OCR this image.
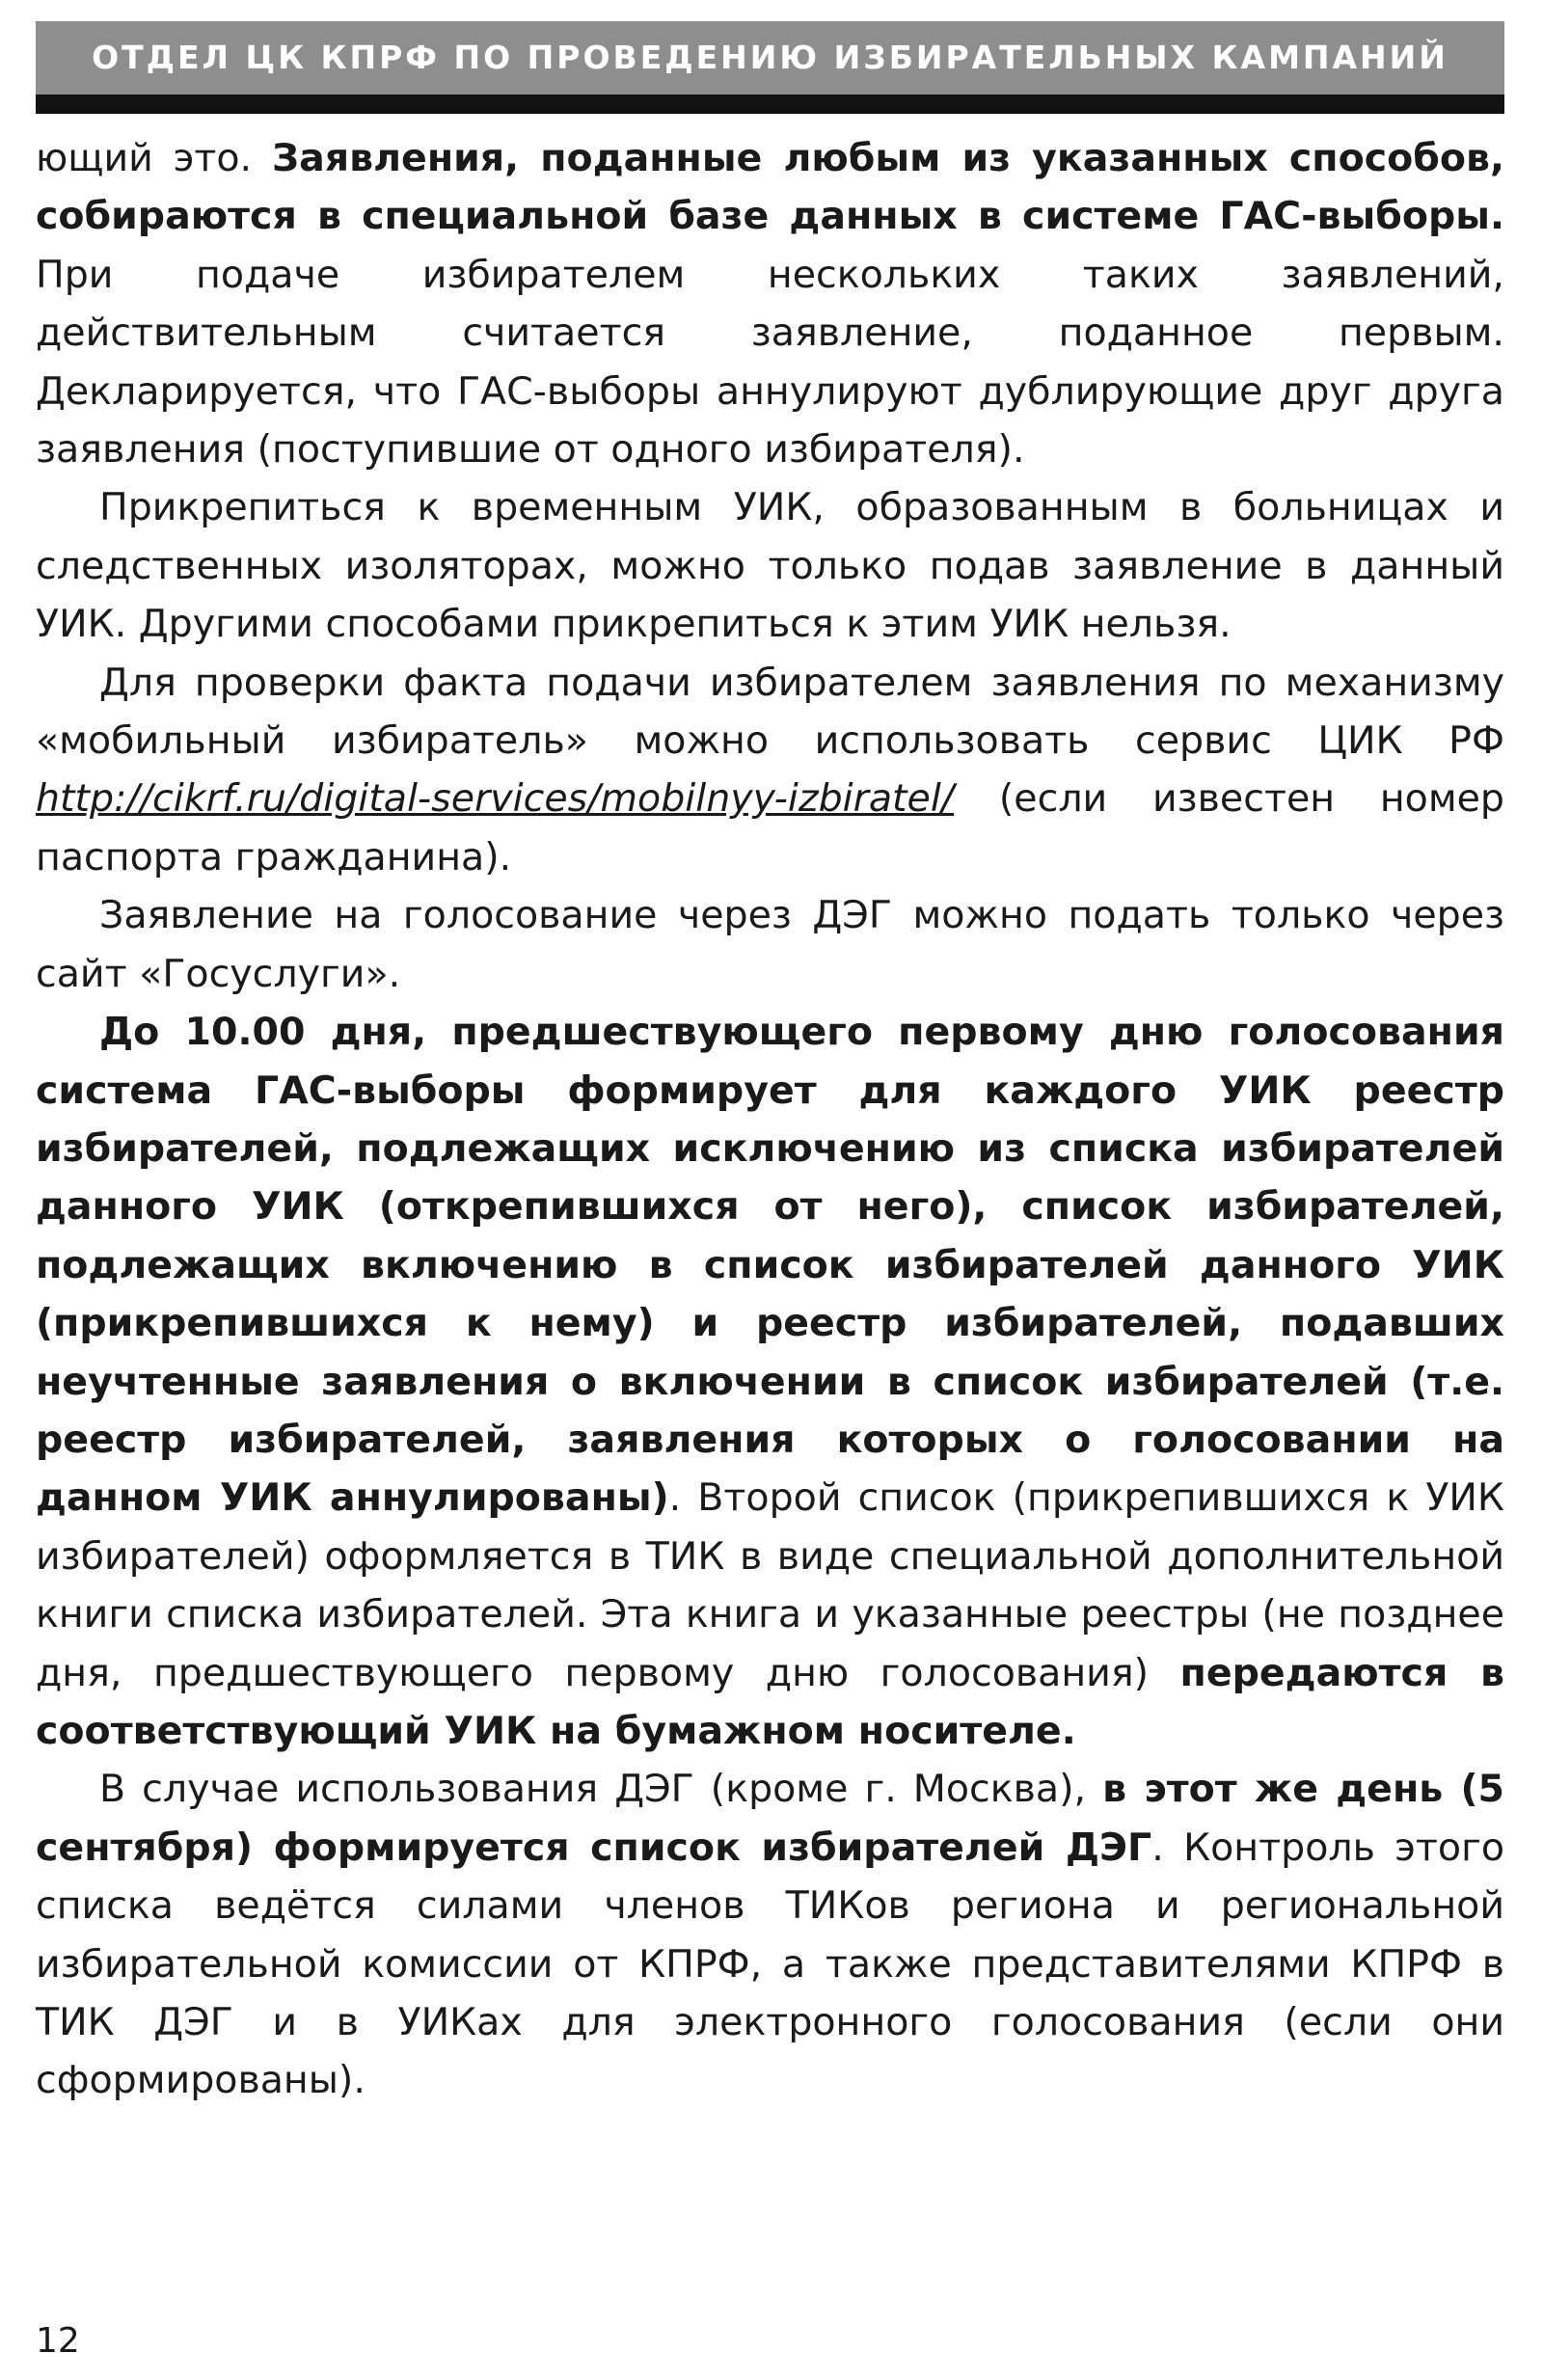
ОТДЕЛ ЦК КПРФ ПО ПРОВЕДЕНИЮ ИЗБИРАТЕЛЬНЫХ КАМПАНИЙ

ющий это. Заявления, поданные любым из указанных способов, собираются в специальной базе данных в системе ГАС-выборы. При подаче избирателем нескольких таких заявлений, действительным считается заявление, поданное первым. Декларируется, что ГАС-выборы аннулируют дублирующие друг друга заявления (поступившие от одного избирателя).

Прикрепиться к временным УИК, образованным в больницах и следственных изоляторах, можно только подав заявление в данный УИК. Другими способами прикрепиться к этим УИК нельзя.

Для проверки факта подачи избирателем заявления по механизму «мобильный избиратель» можно использовать сервис ЦИК РФ http://cikrf.ru/digital-services/mobilnyy-izbiratel/ (если известен номер паспорта гражданина).

Заявление на голосование через ДЭГ можно подать только через сайт «Госуслуги».

До 10.00 дня, предшествующего первому дню голосования система ГАС-выборы формирует для каждого УИК реестр избирателей, подлежащих исключению из списка избирателей данного УИК (открепившихся от него), список избирателей, подлежащих включению в список избирателей данного УИК (прикрепившихся к нему) и реестр избирателей, подавших неучтенные заявления о включении в список избирателей (т.е. реестр избирателей, заявления которых о голосовании на данном УИК аннулированы). Второй список (прикрепившихся к УИК избирателей) оформляется в ТИК в виде специальной дополнительной книги списка избирателей. Эта книга и указанные реестры (не позднее дня, предшествующего первому дню голосования) передаются в соответствующий УИК на бумажном носителе.

В случае использования ДЭГ (кроме г. Москва), в этот же день (5 сентября) формируется список избирателей ДЭГ. Контроль этого списка ведётся силами членов ТИКов региона и региональной избирательной комиссии от КПРФ, а также представителями КПРФ в ТИК ДЭГ и в УИКах для электронного голосования (если они сформированы).

12
